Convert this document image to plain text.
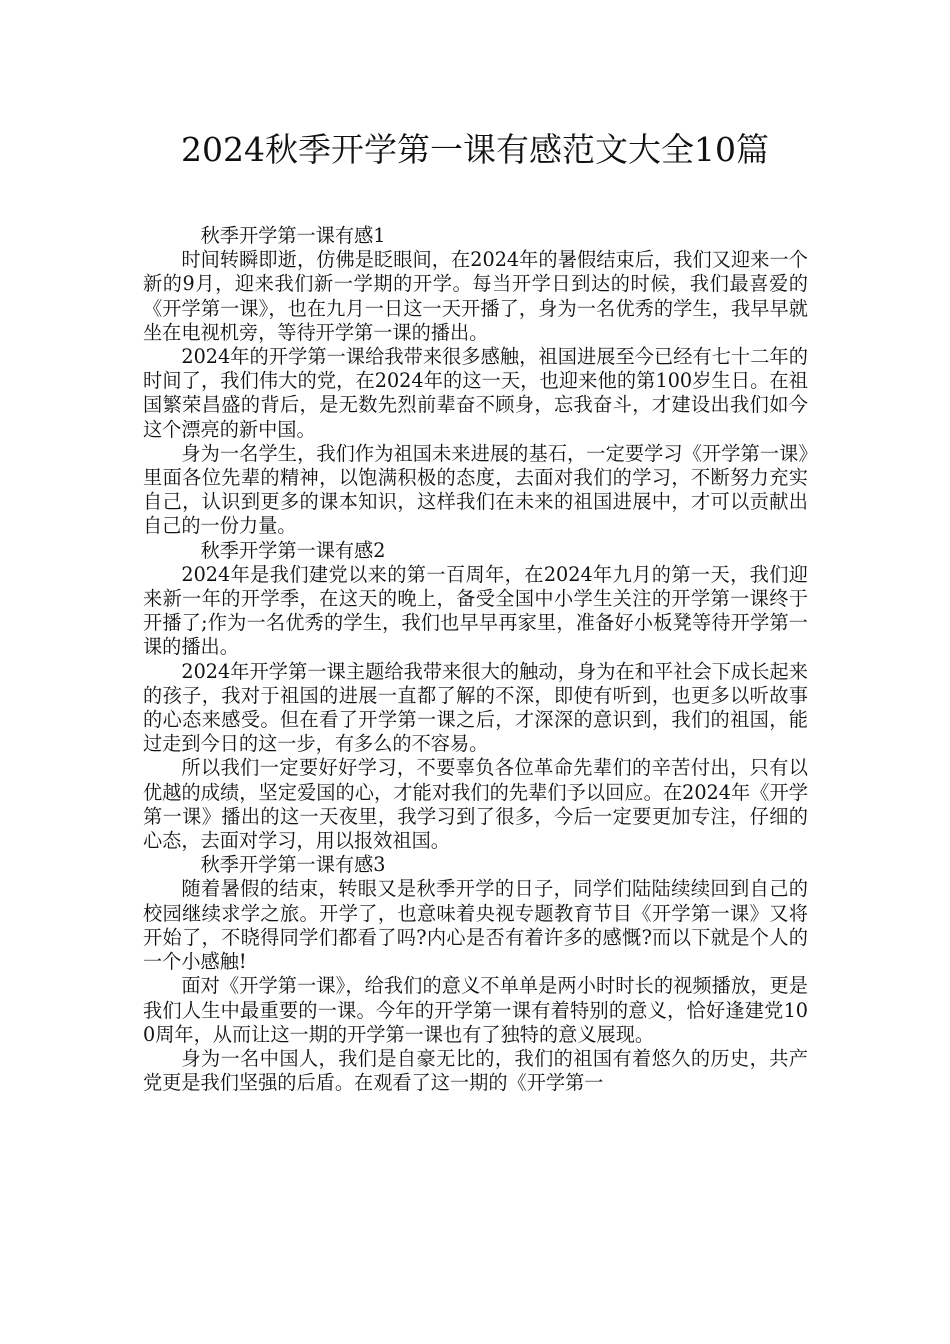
2024秋季开学第一课有感范文大全10篇

秋季开学第一课有感1

时间转瞬即逝，仿佛是眨眼间，在2024年的暑假结束后，我们又迎来一个新的9月，迎来我们新一学期的开学。每当开学日到达的时候，我们最喜爱的《开学第一课》，也在九月一日这一天开播了，身为一名优秀的学生，我早早就坐在电视机旁，等待开学第一课的播出。

2024年的开学第一课给我带来很多感触，祖国进展至今已经有七十二年的时间了，我们伟大的党，在2024年的这一天，也迎来他的第100岁生日。在祖国繁荣昌盛的背后，是无数先烈前辈奋不顾身，忘我奋斗，才建设出我们如今这个漂亮的新中国。

身为一名学生，我们作为祖国未来进展的基石，一定要学习《开学第一课》里面各位先辈的精神，以饱满积极的态度，去面对我们的学习，不断努力充实自己，认识到更多的课本知识，这样我们在未来的祖国进展中，才可以贡献出自己的一份力量。

秋季开学第一课有感2

2024年是我们建党以来的第一百周年，在2024年九月的第一天，我们迎来新一年的开学季，在这天的晚上，备受全国中小学生关注的开学第一课终于开播了;作为一名优秀的学生，我们也早早再家里，准备好小板凳等待开学第一课的播出。

2024年开学第一课主题给我带来很大的触动，身为在和平社会下成长起来的孩子，我对于祖国的进展一直都了解的不深，即使有听到，也更多以听故事的心态来感受。但在看了开学第一课之后，才深深的意识到，我们的祖国，能过走到今日的这一步，有多么的不容易。

所以我们一定要好好学习，不要辜负各位革命先辈们的辛苦付出，只有以优越的成绩，坚定爱国的心，才能对我们的先辈们予以回应。在2024年《开学第一课》播出的这一天夜里，我学习到了很多，今后一定要更加专注，仔细的心态，去面对学习，用以报效祖国。

秋季开学第一课有感3

随着暑假的结束，转眼又是秋季开学的日子，同学们陆陆续续回到自己的校园继续求学之旅。开学了，也意味着央视专题教育节目《开学第一课》又将开始了，不晓得同学们都看了吗?内心是否有着许多的感慨?而以下就是个人的一个小感触!

面对《开学第一课》，给我们的意义不单单是两小时时长的视频播放，更是我们人生中最重要的一课。今年的开学第一课有着特别的意义，恰好逢建党100周年，从而让这一期的开学第一课也有了独特的意义展现。

身为一名中国人，我们是自豪无比的，我们的祖国有着悠久的历史，共产党更是我们坚强的后盾。在观看了这一期的《开学第一
